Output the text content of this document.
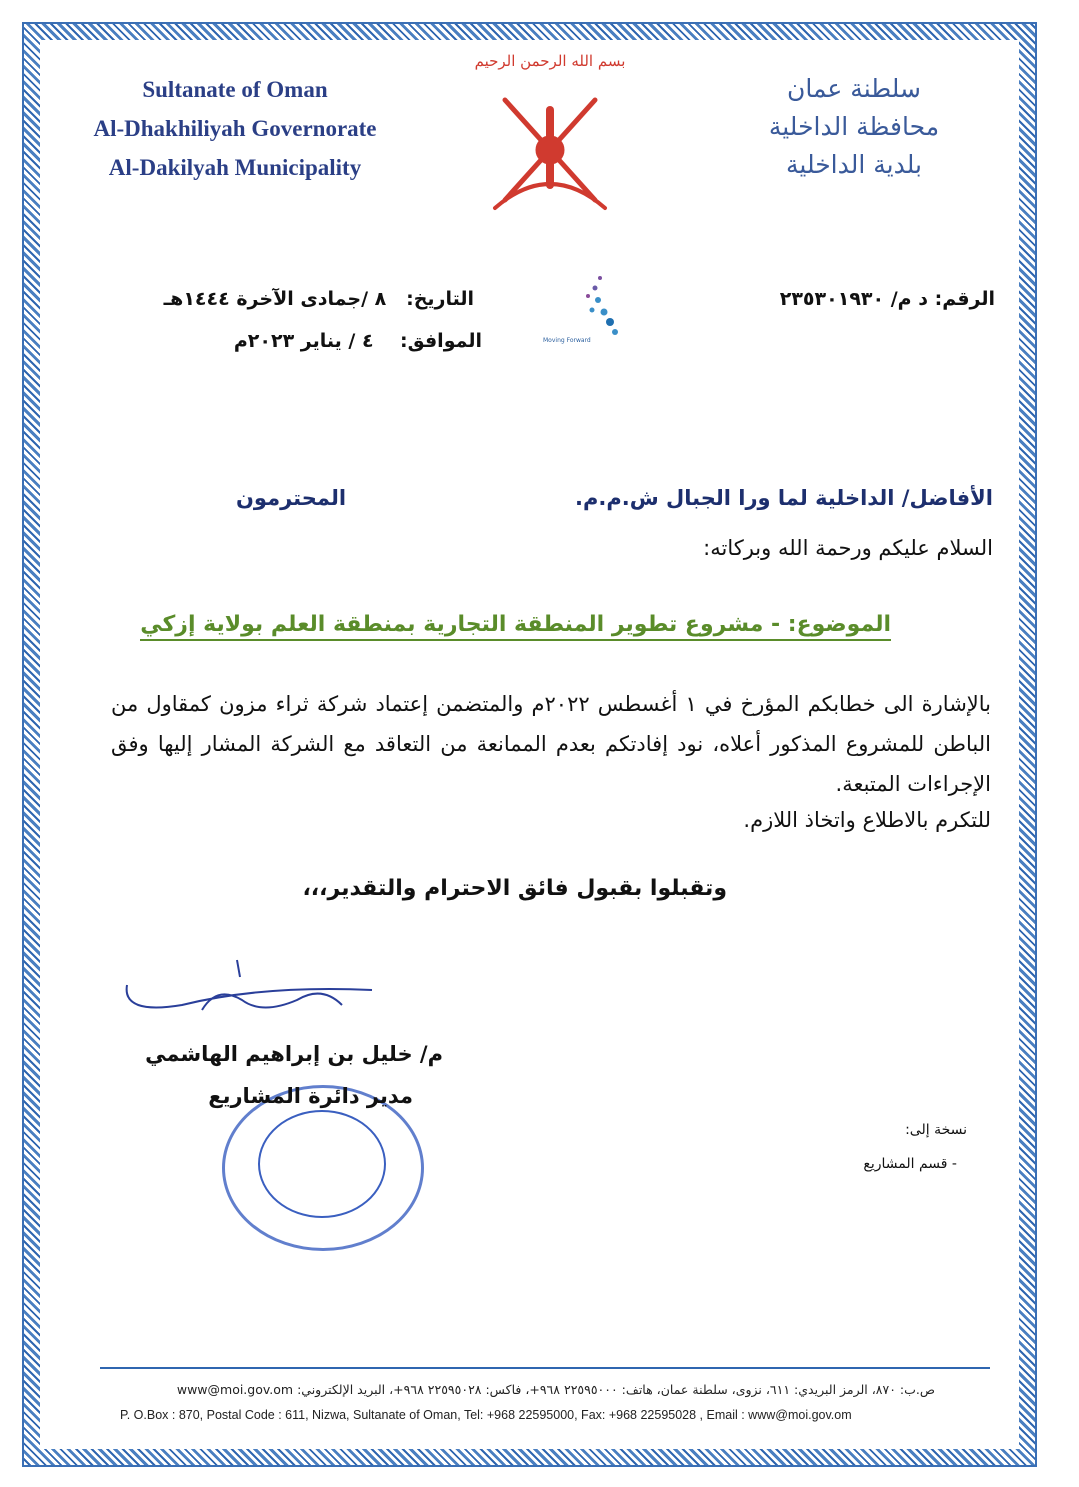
Sultanate of Oman
Al-Dhakhiliyah Governorate
Al-Dakilyah Municipality
سلطنة عمان
محافظة الداخلية
بلدية الداخلية
بسم الله الرحمن الرحيم
Moving Forward
الرقم: د م/ ٢٣٥٣٠١٩٣٠
التاريخ:   ٨ /جمادى الآخرة ١٤٤٤هـ
الموافق:    ٤ / يناير ٢٠٢٣م
الأفاضل/ الداخلية لما ورا الجبال ش.م.م.
المحترمون
السلام عليكم ورحمة الله وبركاته:
الموضوع: - مشروع تطوير المنطقة التجارية بمنطقة العلم بولاية إزكي
بالإشارة الى خطابكم المؤرخ في ١ أغسطس ٢٠٢٢م والمتضمن إعتماد شركة ثراء مزون كمقاول من الباطن للمشروع المذكور أعلاه، نود إفادتكم بعدم الممانعة من التعاقد مع الشركة المشار إليها وفق الإجراءات المتبعة.
للتكرم بالاطلاع واتخاذ اللازم.
وتقبلوا بقبول فائق الاحترام والتقدير،،،
م/ خليل بن إبراهيم الهاشمي
مدير دائرة المشاريع
نسخة إلى:
- قسم المشاريع
ص.ب: ٨٧٠، الرمز البريدي: ٦١١، نزوى، سلطنة عمان، هاتف: ٢٢٥٩٥٠٠٠ ٩٦٨+، فاكس: ٢٢٥٩٥٠٢٨ ٩٦٨+، البريد الإلكتروني: www@moi.gov.om
P. O.Box : 870, Postal Code : 611, Nizwa, Sultanate of Oman, Tel: +968 22595000, Fax: +968 22595028 , Email : www@moi.gov.om
